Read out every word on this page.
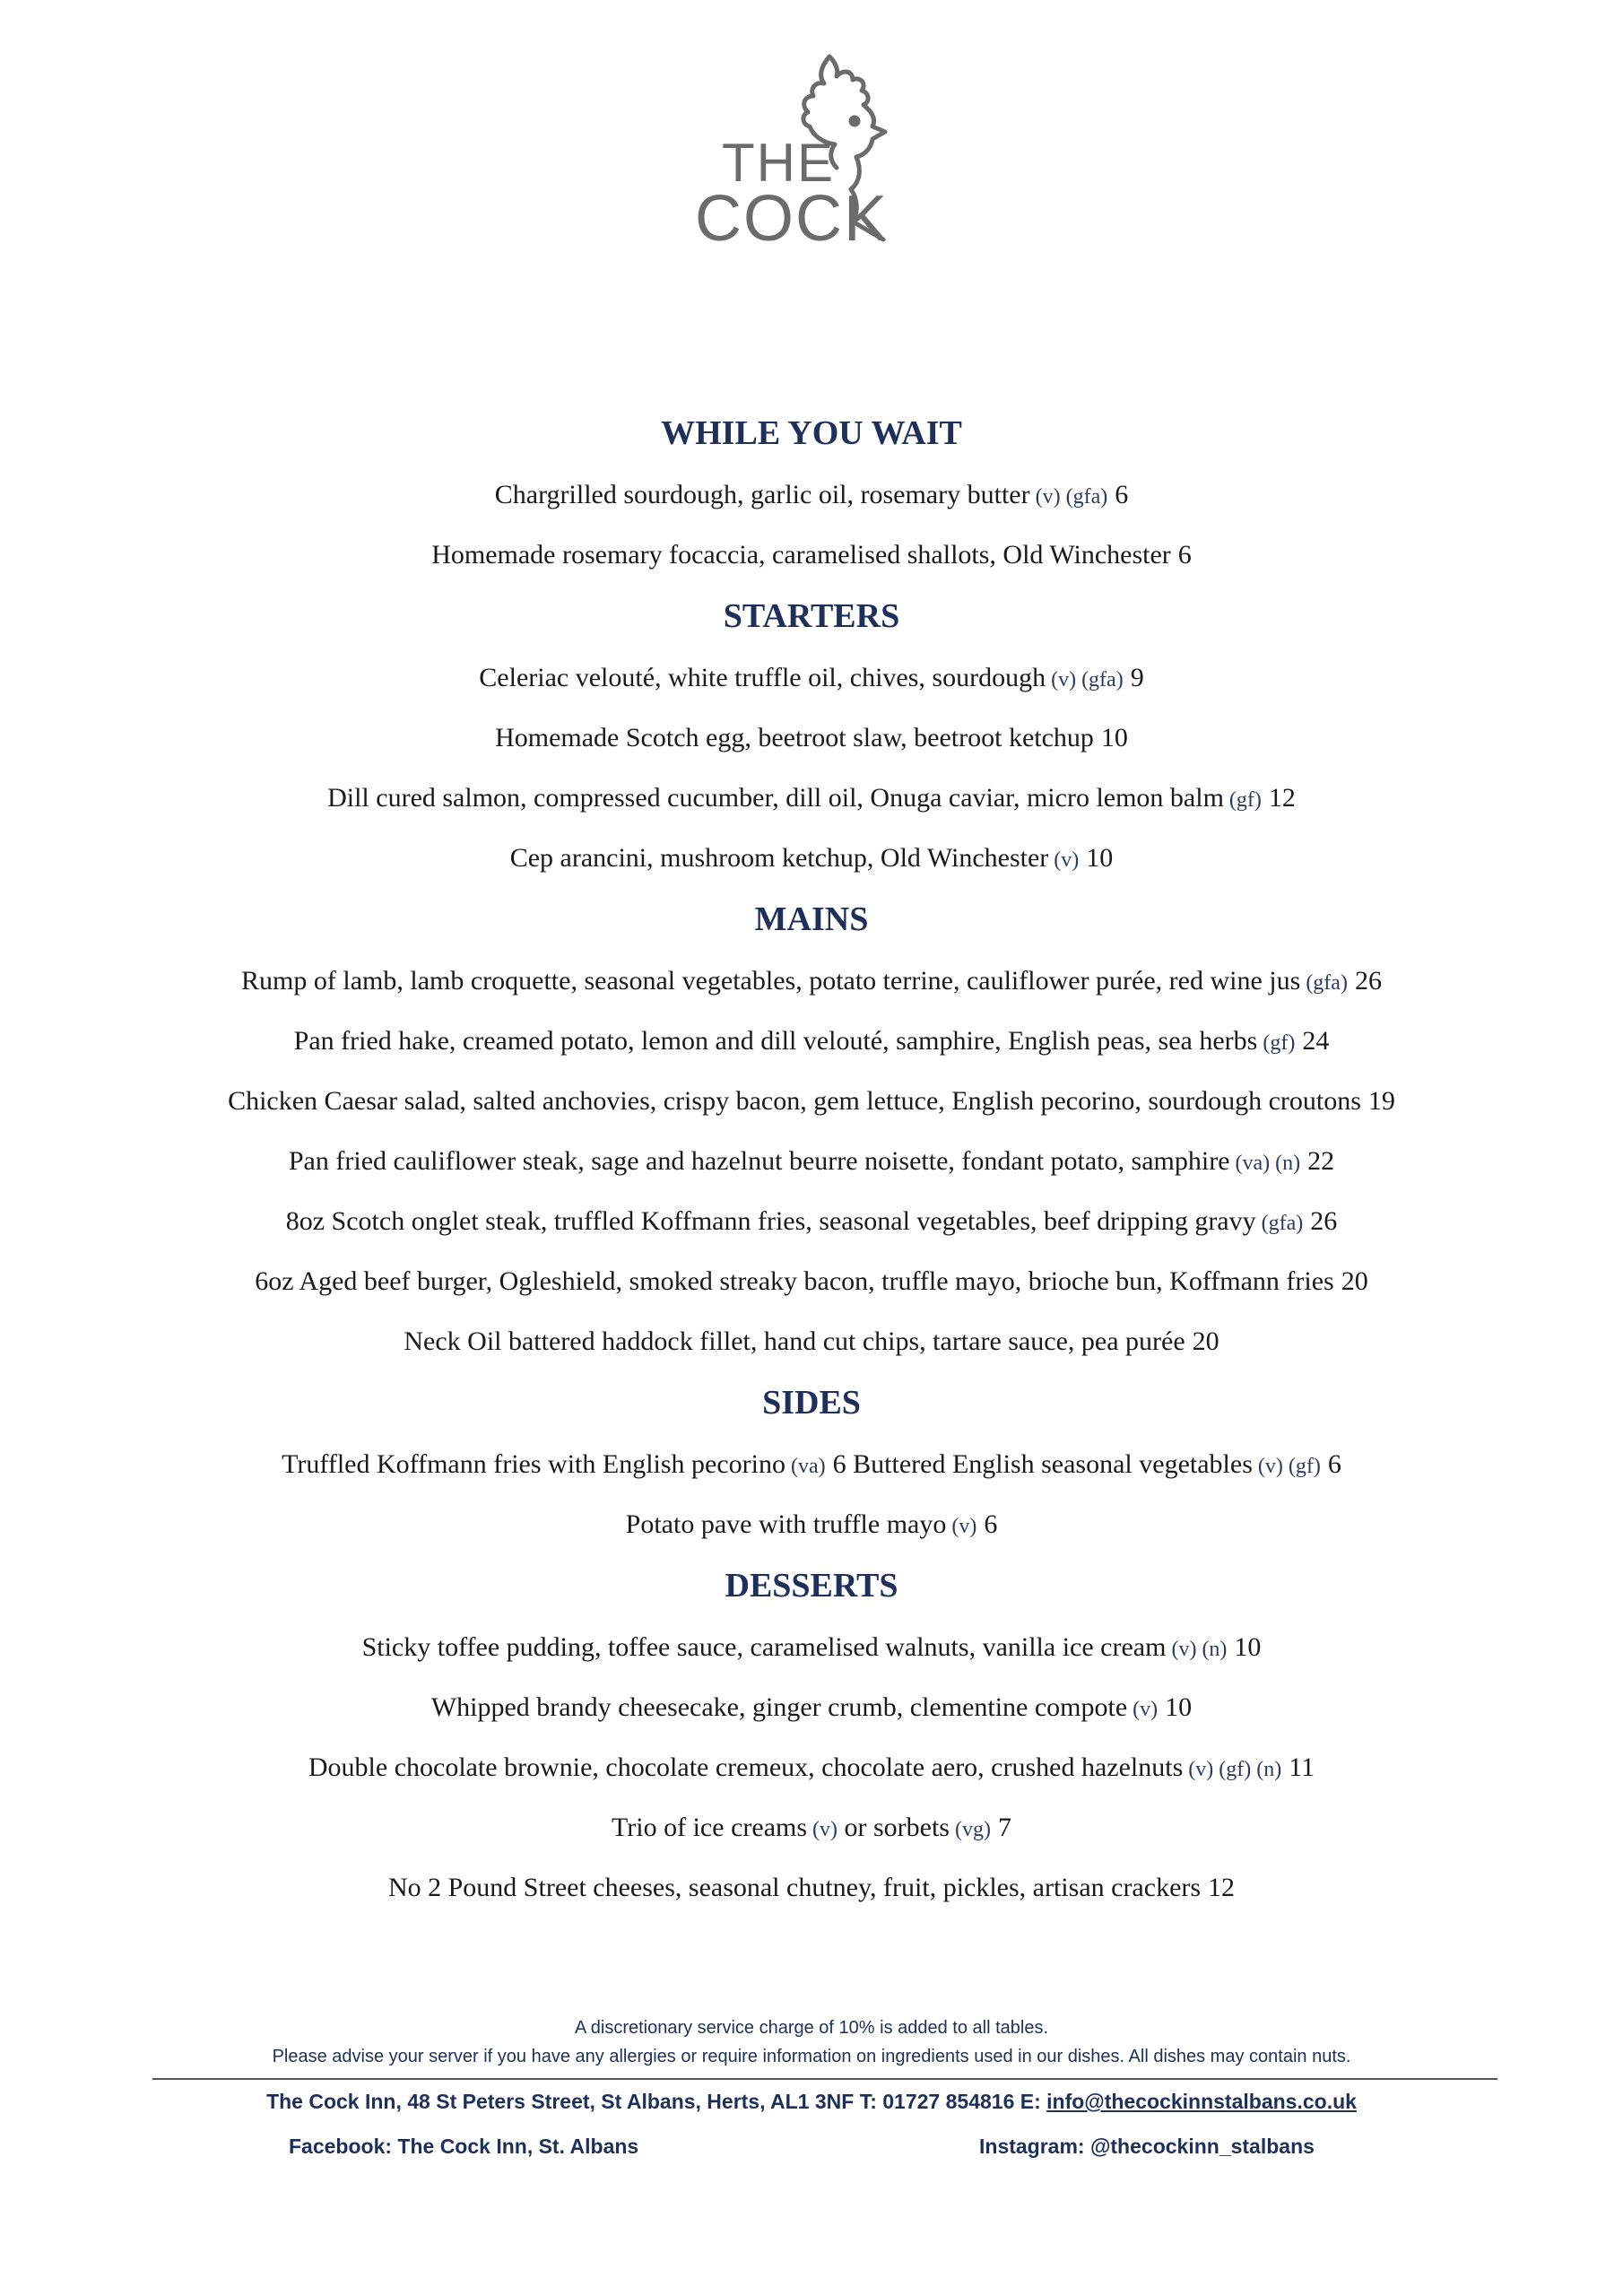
THE
COCK
WHILE YOU WAIT
Chargrilled sourdough, garlic oil, rosemary butter (v) (gfa) 6
Homemade rosemary focaccia, caramelised shallots, Old Winchester 6
STARTERS
Celeriac velouté, white truffle oil, chives, sourdough (v) (gfa) 9
Homemade Scotch egg, beetroot slaw, beetroot ketchup 10
Dill cured salmon, compressed cucumber, dill oil, Onuga caviar, micro lemon balm (gf) 12
Cep arancini, mushroom ketchup, Old Winchester (v) 10
MAINS
Rump of lamb, lamb croquette, seasonal vegetables, potato terrine, cauliflower purée, red wine jus (gfa) 26
Pan fried hake, creamed potato, lemon and dill velouté, samphire, English peas, sea herbs (gf) 24
Chicken Caesar salad, salted anchovies, crispy bacon, gem lettuce, English pecorino, sourdough croutons 19
Pan fried cauliflower steak, sage and hazelnut beurre noisette, fondant potato, samphire (va) (n) 22
8oz Scotch onglet steak, truffled Koffmann fries, seasonal vegetables, beef dripping gravy (gfa) 26
6oz Aged beef burger, Ogleshield, smoked streaky bacon, truffle mayo, brioche bun, Koffmann fries 20
Neck Oil battered haddock fillet, hand cut chips, tartare sauce, pea purée 20
SIDES
Truffled Koffmann fries with English pecorino (va) 6 Buttered English seasonal vegetables (v) (gf) 6
Potato pave with truffle mayo (v) 6
DESSERTS
Sticky toffee pudding, toffee sauce, caramelised walnuts, vanilla ice cream (v) (n) 10
Whipped brandy cheesecake, ginger crumb, clementine compote (v) 10
Double chocolate brownie, chocolate cremeux, chocolate aero, crushed hazelnuts (v) (gf) (n) 11
Trio of ice creams (v) or sorbets (vg) 7
No 2 Pound Street cheeses, seasonal chutney, fruit, pickles, artisan crackers 12
A discretionary service charge of 10% is added to all tables.
Please advise your server if you have any allergies or require information on ingredients used in our dishes. All dishes may contain nuts.
The Cock Inn, 48 St Peters Street, St Albans, Herts, AL1 3NF T: 01727 854816 E: info@thecockinnstalbans.co.uk
Facebook: The Cock Inn, St. Albans	Instagram: @thecockinn_stalbans
